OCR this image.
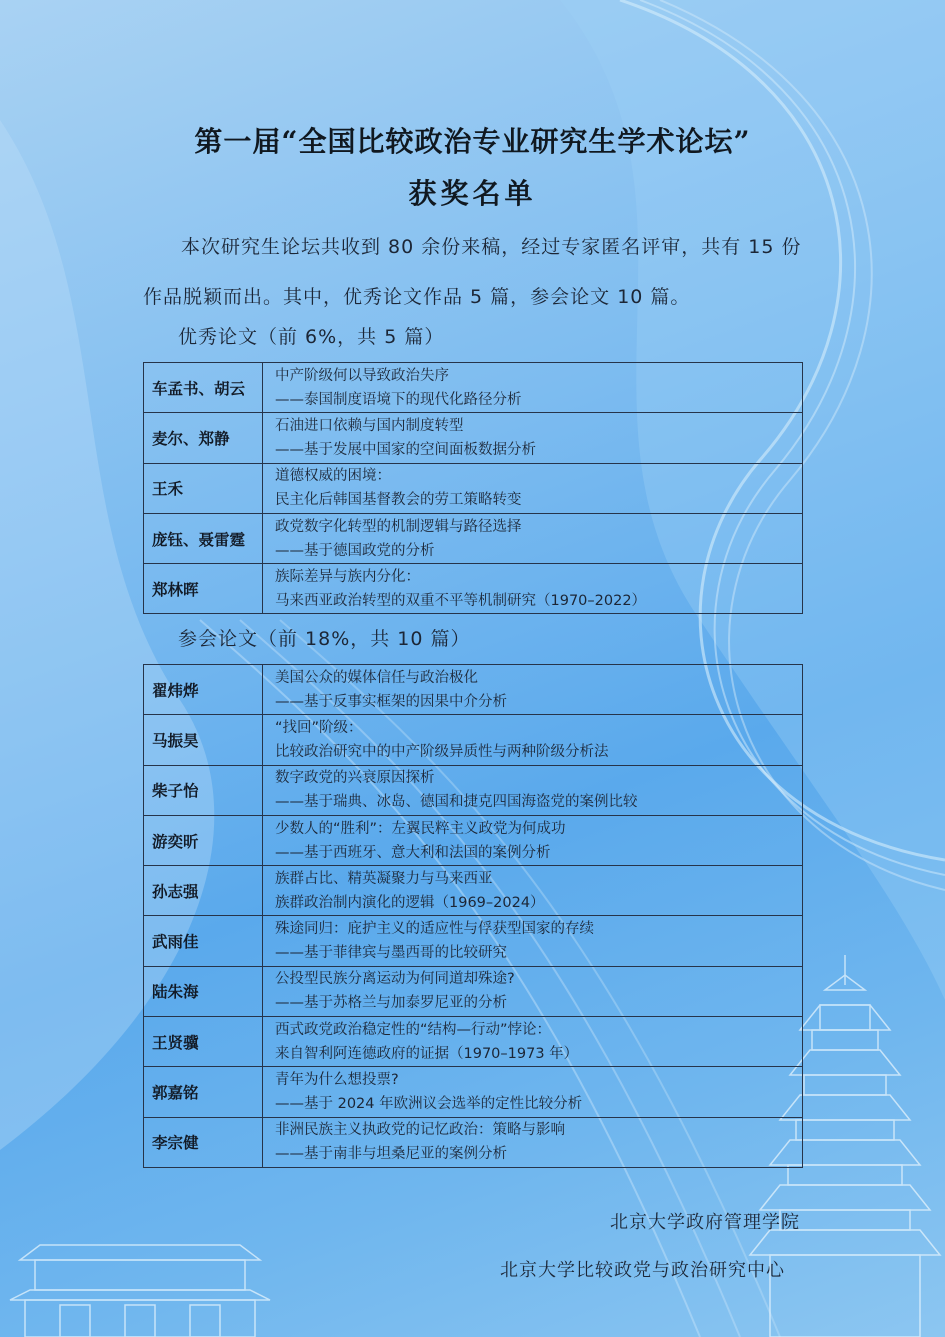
第一届“全国比较政治专业研究生学术论坛”
获奖名单

本次研究生论坛共收到 80 余份来稿，经过专家匿名评审，共有 15 份作品脱颖而出。其中，优秀论文作品 5 篇，参会论文 10 篇。

优秀论文（前 6%，共 5 篇）
车孟书、胡云	中产阶级何以导致政治失序
——泰国制度语境下的现代化路径分析

麦尔、郑静	石油进口依赖与国内制度转型
——基于发展中国家的空间面板数据分析

王禾	道德权威的困境：
民主化后韩国基督教会的劳工策略转变

庞钰、聂雷霆	政党数字化转型的机制逻辑与路径选择
——基于德国政党的分析

郑林晖	族际差异与族内分化：
马来西亚政治转型的双重不平等机制研究（1970–2022）
参会论文（前 18%，共 10 篇）
翟炜烨	美国公众的媒体信任与政治极化
——基于反事实框架的因果中介分析

马振昊	“找回”阶级：
比较政治研究中的中产阶级异质性与两种阶级分析法

柴子怡	数字政党的兴衰原因探析
——基于瑞典、冰岛、德国和捷克四国海盗党的案例比较

游奕昕	少数人的“胜利”：左翼民粹主义政党为何成功
——基于西班牙、意大利和法国的案例分析

孙志强	族群占比、精英凝聚力与马来西亚
族群政治制内演化的逻辑（1969–2024）

武雨佳	殊途同归：庇护主义的适应性与俘获型国家的存续
——基于菲律宾与墨西哥的比较研究

陆朱海	公投型民族分离运动为何同道却殊途?
——基于苏格兰与加泰罗尼亚的分析

王贤骥	西式政党政治稳定性的“结构—行动”悖论：
来自智利阿连德政府的证据（1970–1973 年）

郭嘉铭	青年为什么想投票?
——基于 2024 年欧洲议会选举的定性比较分析

李宗健	非洲民族主义执政党的记忆政治：策略与影响
——基于南非与坦桑尼亚的案例分析
北京大学政府管理学院
北京大学比较政党与政治研究中心
